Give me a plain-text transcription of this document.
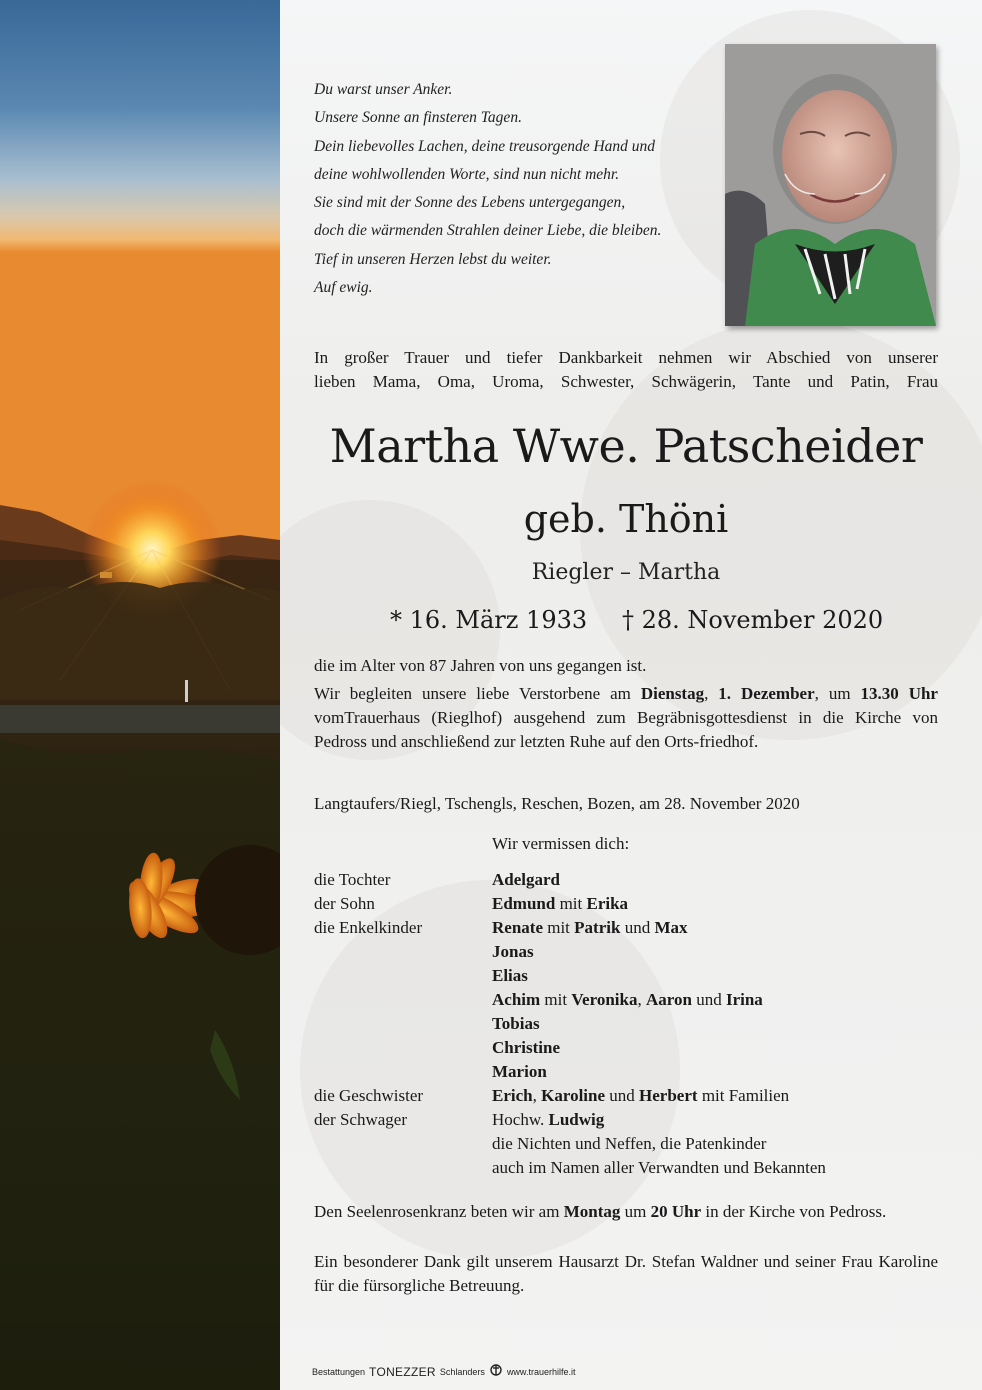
Du warst unser Anker.
Unsere Sonne an finsteren Tagen.
Dein liebevolles Lachen, deine treusorgende Hand und
deine wohlwollenden Worte, sind nun nicht mehr.
Sie sind mit der Sonne des Lebens untergegangen,
doch die wärmenden Strahlen deiner Liebe, die bleiben.
Tief in unseren Herzen lebst du weiter.
Auf ewig.
In großer Trauer und tiefer Dankbarkeit nehmen wir Abschied von unserer
lieben Mama, Oma, Uroma, Schwester, Schwägerin, Tante und Patin, Frau
Martha Wwe. Patscheider
geb. Thöni
Riegler – Martha
* 16. März 1933 † 28. November 2020
die im Alter von 87 Jahren von uns gegangen ist.
Wir begleiten unsere liebe Verstorbene am Dienstag, 1. Dezember, um 13.30 Uhr vomTrauerhaus (Rieglhof) ausgehend zum Begräbnisgottesdienst in die Kirche von Pedross und anschließend zur letzten Ruhe auf den Orts-friedhof.
Langtaufers/Riegl, Tschengls, Reschen, Bozen, am 28. November 2020
Wir vermissen dich:
die Tochter	Adelgard
der Sohn	Edmund mit Erika
die Enkelkinder	Renate mit Patrik und Max
Jonas
Elias
Achim mit Veronika, Aaron und Irina
Tobias
Christine
Marion
die Geschwister	Erich, Karoline und Herbert mit Familien
der Schwager	Hochw. Ludwig
die Nichten und Neffen, die Patenkinder
auch im Namen aller Verwandten und Bekannten
Den Seelenrosenkranz beten wir am Montag um 20 Uhr in der Kirche von Pedross.
Ein besonderer Dank gilt unserem Hausarzt Dr. Stefan Waldner und seiner Frau Karoline für die fürsorgliche Betreuung.
Bestattungen TONEZZER Schlanders www.trauerhilfe.it
